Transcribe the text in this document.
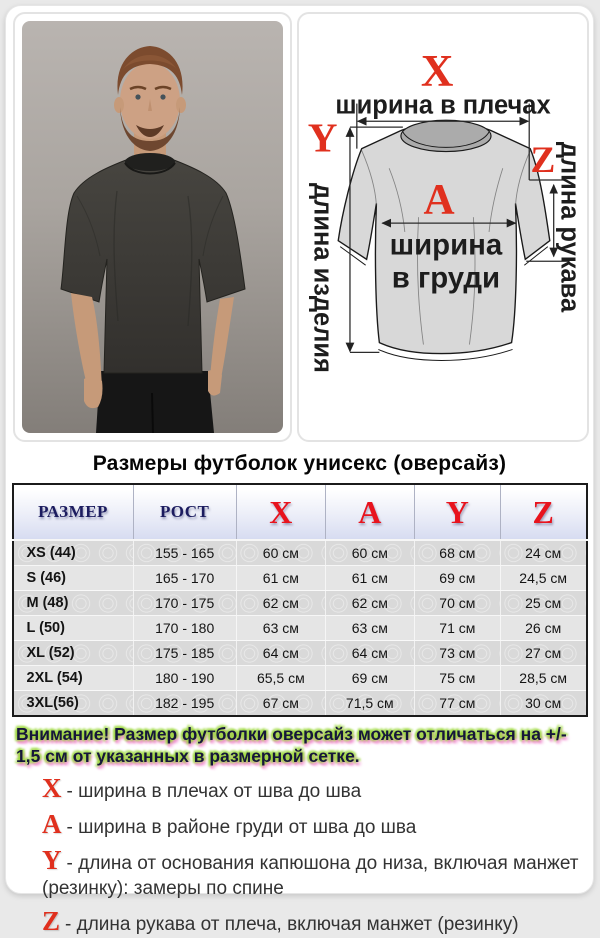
X
Y
Z
A
ширина в плечах
длина изделия	длина рукава
ширина
в груди
Размеры футболок унисекс (оверсайз)
РАЗМЕР	РОСТ	X	A	Y	Z
XS (44)	155 - 165	60 см	60 см	68 см	24 см
S (46)	165 - 170	61 см	61 см	69 см	24,5 см
M (48)	170 - 175	62 см	62 см	70 см	25 см
L (50)	170 - 180	63 см	63 см	71 см	26 см
XL (52)	175 - 185	64 см	64 см	73 см	27 см
2XL (54)	180 - 190	65,5 см	69 см	75 см	28,5 см
3XL(56)	182 - 195	67 см	71,5 см	77 см	30 см
Внимание! Размер футболки оверсайз может отличаться на +/- 1,5 см от указанных в размерной сетке.
X - ширина в плечах от шва до шва
A - ширина в районе груди от шва до шва
Y - длина от основания капюшона до низа, включая манжет (резинку): замеры по спине
Z - длина рукава от плеча, включая манжет (резинку)
